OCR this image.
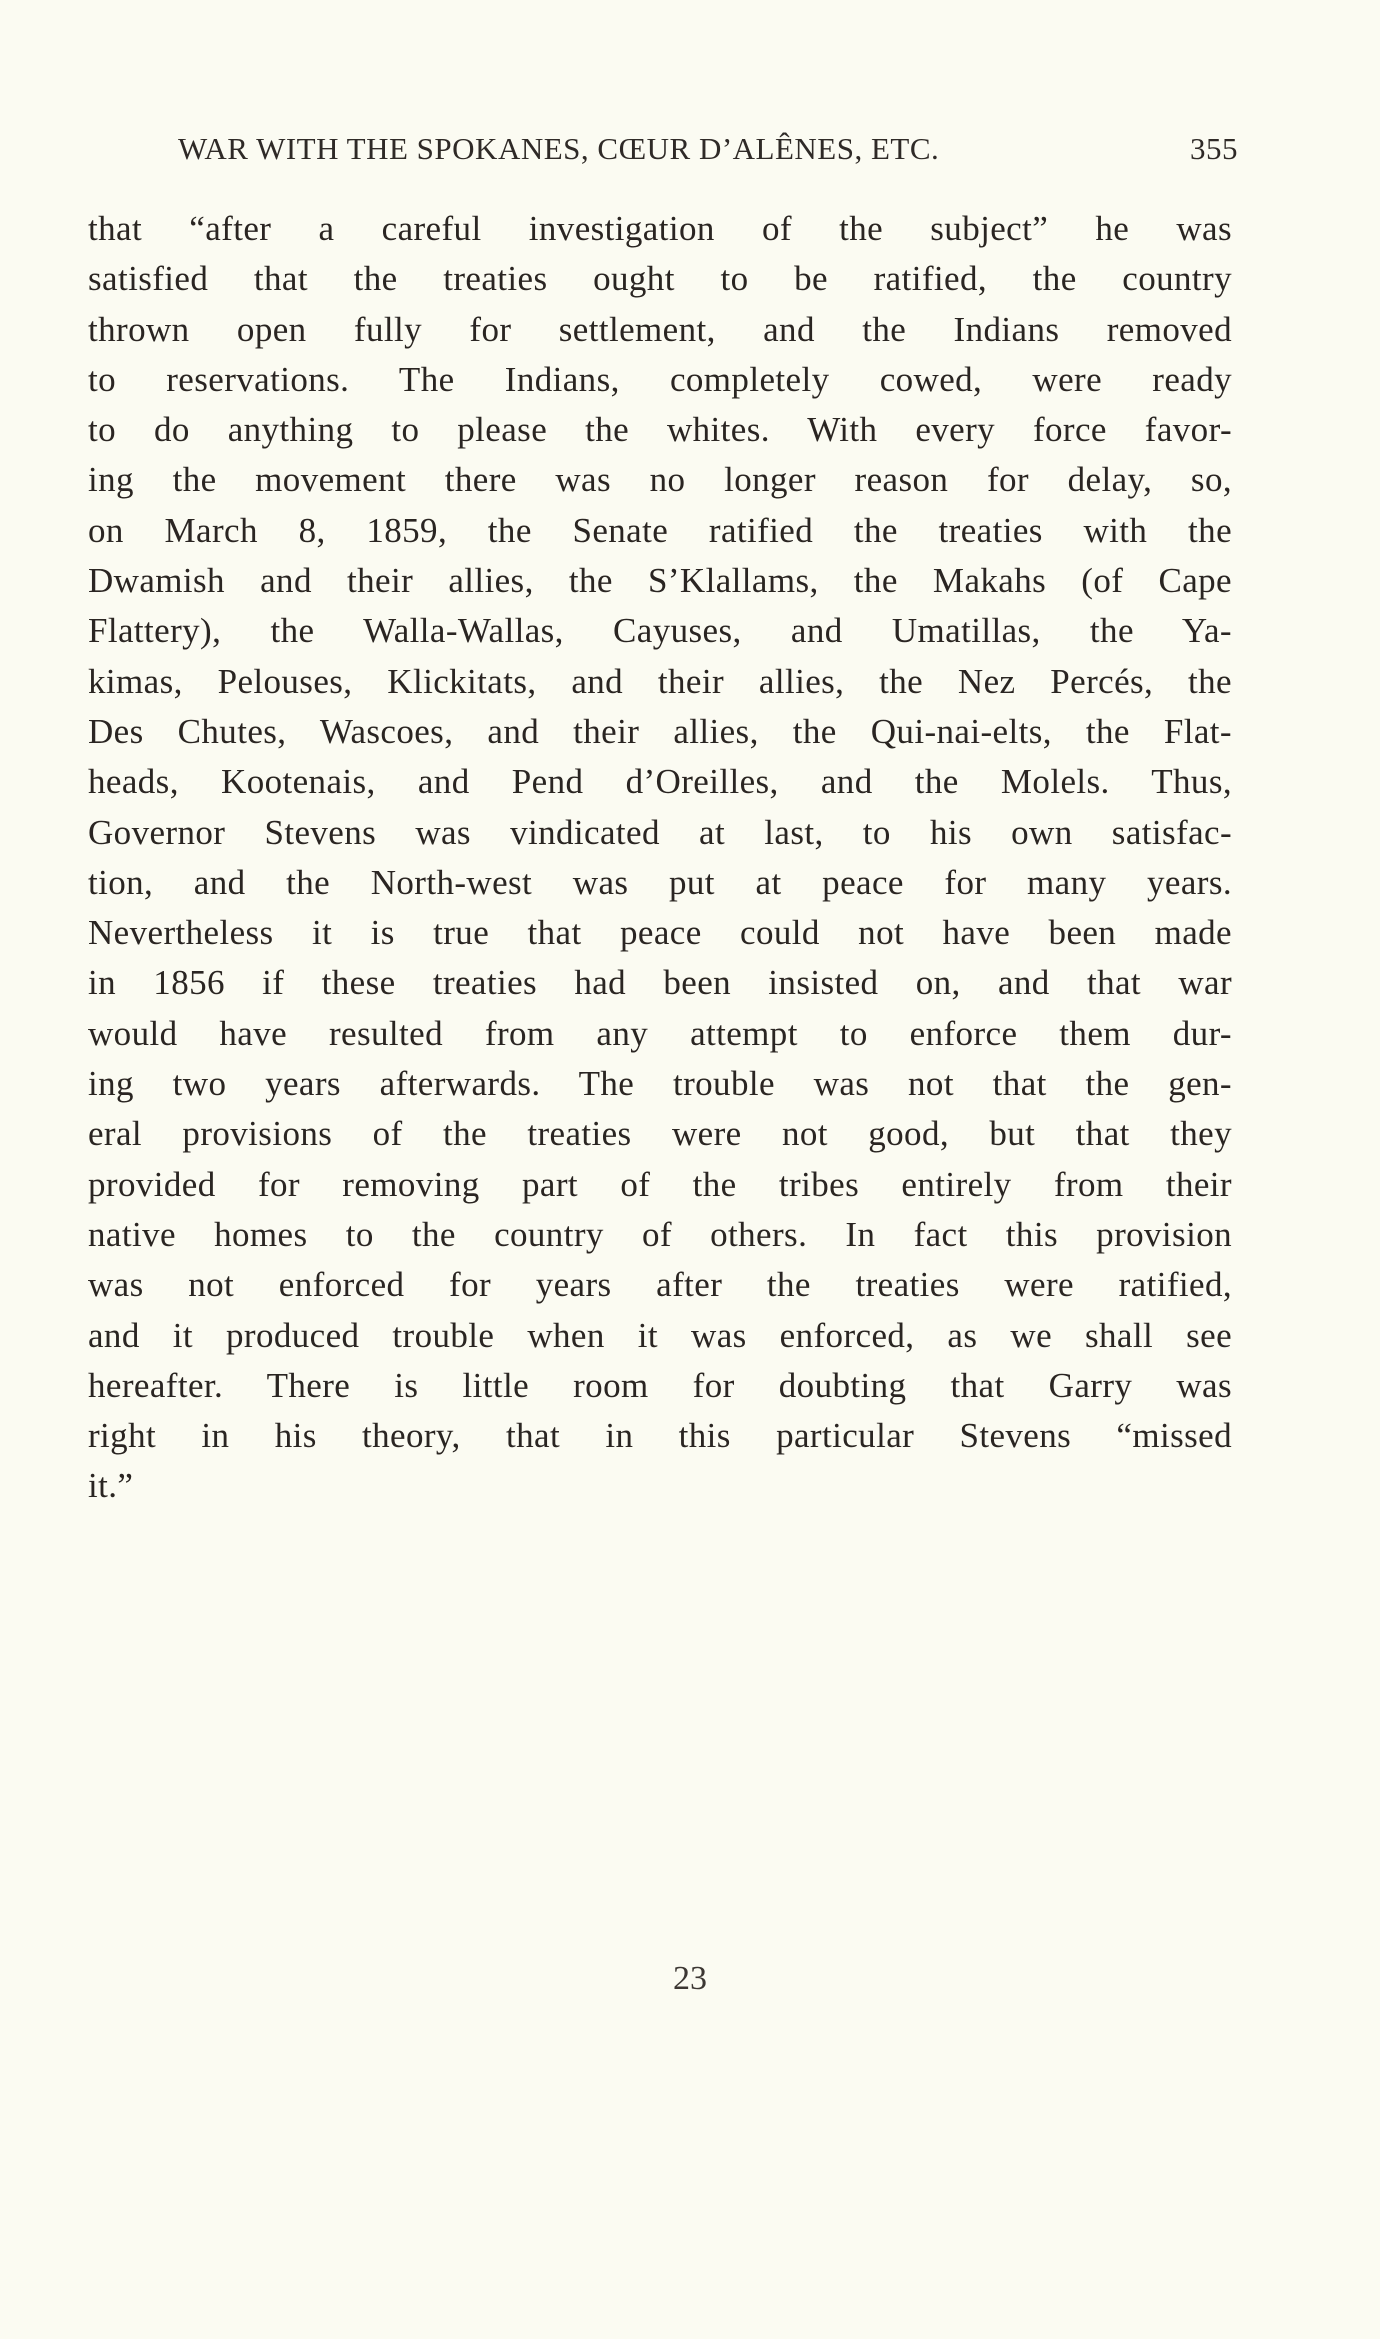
WAR WITH THE SPOKANES, CŒUR D’ALÊNES, ETC.	355
that “after a careful investigation of the subject” he was
satisfied that the treaties ought to be ratified, the country
thrown open fully for settlement, and the Indians removed
to reservations. The Indians, completely cowed, were ready
to do anything to please the whites. With every force favor-
ing the movement there was no longer reason for delay, so,
on March 8, 1859, the Senate ratified the treaties with the
Dwamish and their allies, the S’Klallams, the Makahs (of Cape
Flattery), the Walla-Wallas, Cayuses, and Umatillas, the Ya-
kimas, Pelouses, Klickitats, and their allies, the Nez Percés, the
Des Chutes, Wascoes, and their allies, the Qui-nai-elts, the Flat-
heads, Kootenais, and Pend d’Oreilles, and the Molels. Thus,
Governor Stevens was vindicated at last, to his own satisfac-
tion, and the North-west was put at peace for many years.
Nevertheless it is true that peace could not have been made
in 1856 if these treaties had been insisted on, and that war
would have resulted from any attempt to enforce them dur-
ing two years afterwards. The trouble was not that the gen-
eral provisions of the treaties were not good, but that they
provided for removing part of the tribes entirely from their
native homes to the country of others. In fact this provision
was not enforced for years after the treaties were ratified,
and it produced trouble when it was enforced, as we shall see
hereafter. There is little room for doubting that Garry was
right in his theory, that in this particular Stevens “missed
it.”
23
